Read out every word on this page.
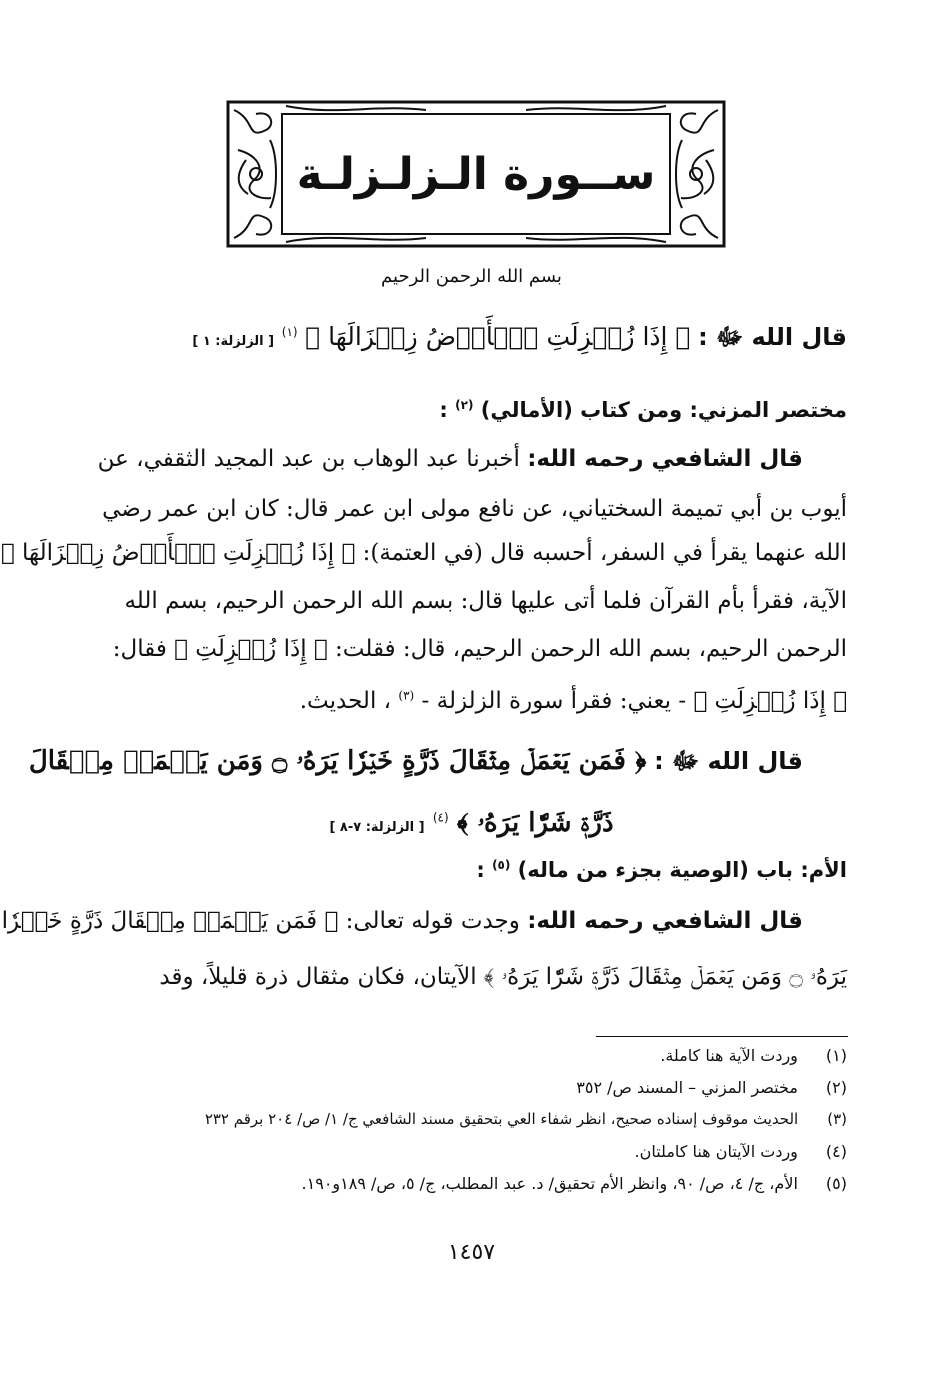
ســورة الـزلـزلـة
بسم الله الرحمن الرحيم
قال الله ﷻ : ﴿ إِذَا زُلۡزِلَتِ ٱلۡأَرۡضُ زِلۡزَالَهَا ﴾ $^{(١)}$ [ الزلزلة: ١ ]
مختصر المزني: ومن كتاب (الأمالي) $^{(٢)}$ :
قال الشافعي رحمه الله: أخبرنا عبد الوهاب بن عبد المجيد الثقفي، عن
أيوب بن أبي تميمة السختياني، عن نافع مولى ابن عمر قال: كان ابن عمر رضي
الله عنهما يقرأ في السفر، أحسبه قال (في العتمة): ﴿ إِذَا زُلۡزِلَتِ ٱلۡأَرۡضُ زِلۡزَالَهَا ﴾
الآية، فقرأ بأم القرآن فلما أتى عليها قال: بسم الله الرحمن الرحيم، بسم الله
الرحمن الرحيم، بسم الله الرحمن الرحيم، قال: فقلت: ﴿ إِذَا زُلۡزِلَتِ ﴾ فقال:
﴿ إِذَا زُلۡزِلَتِ ﴾ - يعني: فقرأ سورة الزلزلة - $^{(٣)}$ ، الحديث.
قال الله ﷻ : ﴿ فَمَن يَعۡمَلۡ مِثۡقَالَ ذَرَّةٍ خَيۡرٗا يَرَهُۥ ۝ وَمَن يَعۡمَلۡ مِثۡقَالَ
ذَرَّةٖ شَرّٗا يَرَهُۥ ﴾ $^{(٤)}$ [ الزلزلة: ٧-٨ ]
الأم: باب (الوصية بجزء من ماله) $^{(٥)}$ :
قال الشافعي رحمه الله: وجدت قوله تعالى: ﴿ فَمَن يَعۡمَلۡ مِثۡقَالَ ذَرَّةٍ خَيۡرٗا
يَرَهُۥ ۝ وَمَن يَعۡمَلۡ مِثۡقَالَ ذَرَّةٖ شَرّٗا يَرَهُۥ ﴾ الآيتان، فكان مثقال ذرة قليلاً، وقد
(١) وردت الآية هنا كاملة.
(٢) مختصر المزني – المسند ص/ ٣٥٢
(٣) الحديث موقوف إسناده صحيح، انظر شفاء العي بتحقيق مسند الشافعي ج/ ١/ ص/ ٢٠٤ برقم ٢٣٢
(٤) وردت الآيتان هنا كاملتان.
(٥) الأم، ج/ ٤، ص/ ٩٠، وانظر الأم تحقيق/ د. عبد المطلب، ج/ ٥، ص/ ١٨٩و١٩٠.
١٤٥٧
